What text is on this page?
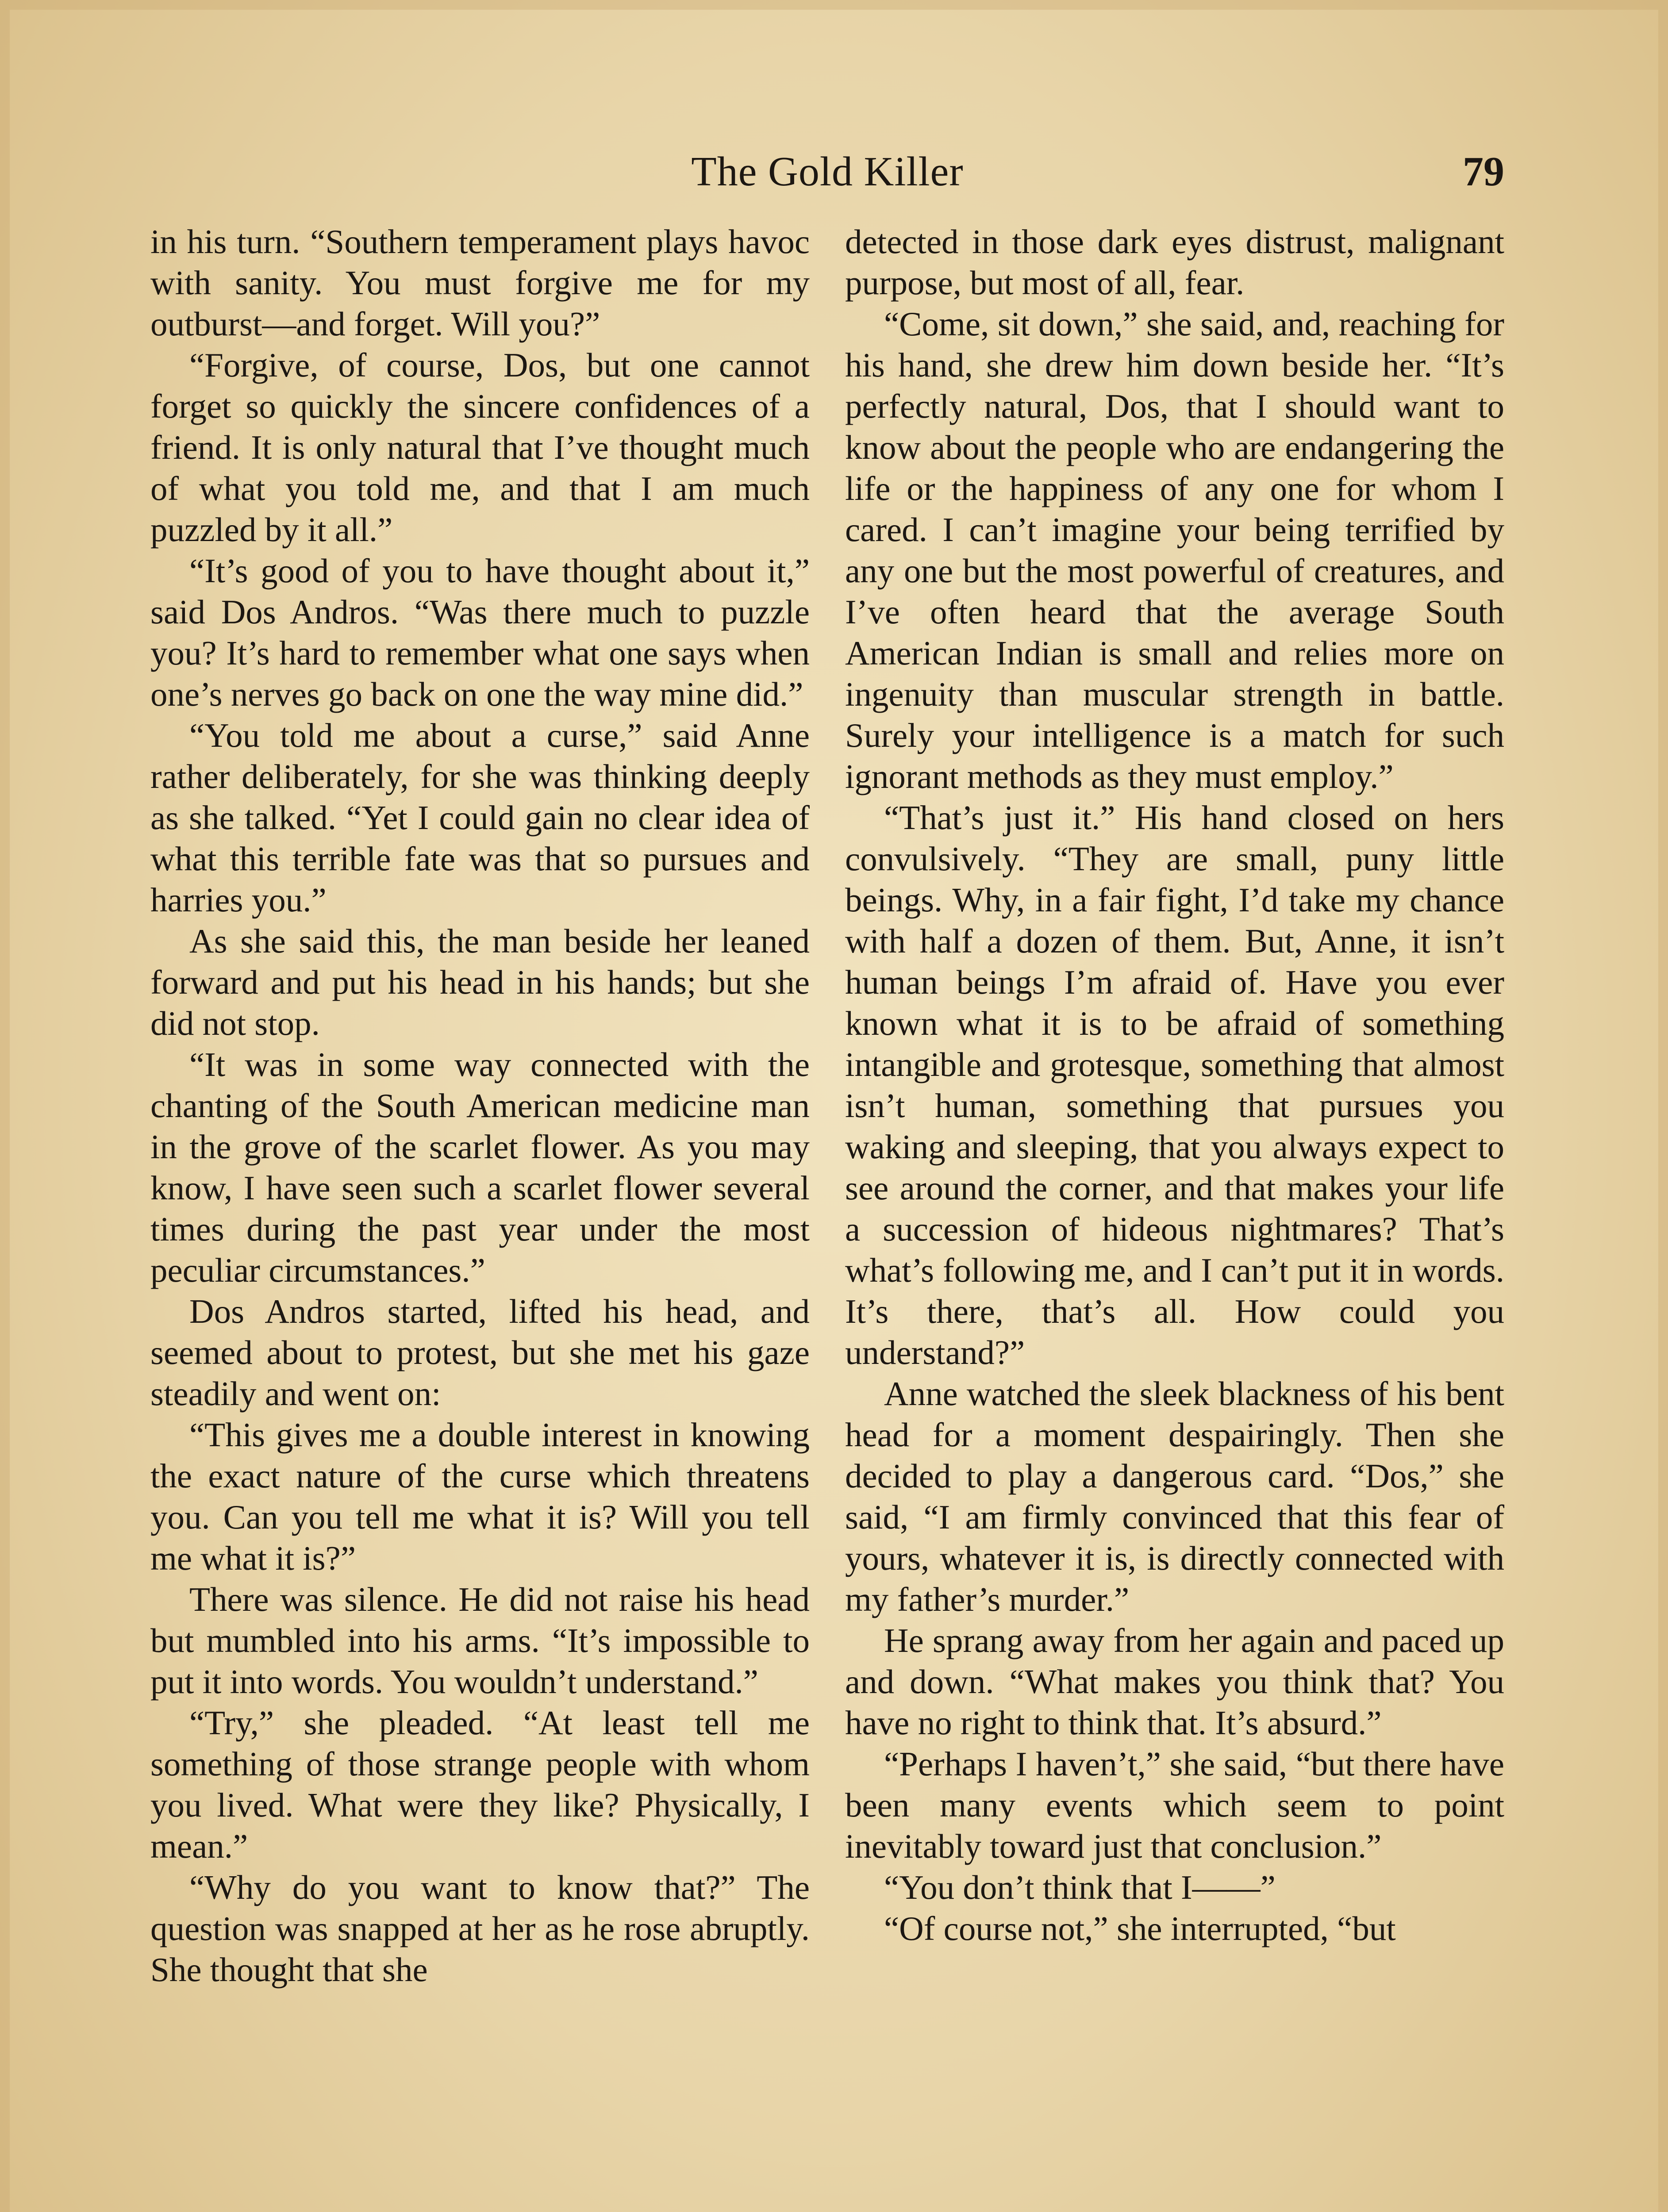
The Gold Killer	79

in his turn. “Southern temperament plays havoc with sanity. You must forgive me for my outburst—and forget. Will you?”

“Forgive, of course, Dos, but one cannot forget so quickly the sincere confidences of a friend. It is only natural that I’ve thought much of what you told me, and that I am much puzzled by it all.”

“It’s good of you to have thought about it,” said Dos Andros. “Was there much to puzzle you? It’s hard to remember what one says when one’s nerves go back on one the way mine did.”

“You told me about a curse,” said Anne rather deliberately, for she was thinking deeply as she talked. “Yet I could gain no clear idea of what this terrible fate was that so pursues and harries you.”

As she said this, the man beside her leaned forward and put his head in his hands; but she did not stop.

“It was in some way connected with the chanting of the South American medicine man in the grove of the scarlet flower. As you may know, I have seen such a scarlet flower several times during the past year under the most peculiar circumstances.”

Dos Andros started, lifted his head, and seemed about to protest, but she met his gaze steadily and went on:

“This gives me a double interest in knowing the exact nature of the curse which threatens you. Can you tell me what it is? Will you tell me what it is?”

There was silence. He did not raise his head but mumbled into his arms. “It’s impossible to put it into words. You wouldn’t understand.”

“Try,” she pleaded. “At least tell me something of those strange people with whom you lived. What were they like? Physically, I mean.”

“Why do you want to know that?” The question was snapped at her as he rose abruptly. She thought that she

detected in those dark eyes distrust, malignant purpose, but most of all, fear.

“Come, sit down,” she said, and, reaching for his hand, she drew him down beside her. “It’s perfectly natural, Dos, that I should want to know about the people who are endangering the life or the happiness of any one for whom I cared. I can’t imagine your being terrified by any one but the most powerful of creatures, and I’ve often heard that the average South American Indian is small and relies more on ingenuity than muscular strength in battle. Surely your intelligence is a match for such ignorant methods as they must employ.”

“That’s just it.” His hand closed on hers convulsively. “They are small, puny little beings. Why, in a fair fight, I’d take my chance with half a dozen of them. But, Anne, it isn’t human beings I’m afraid of. Have you ever known what it is to be afraid of something intangible and grotesque, something that almost isn’t human, something that pursues you waking and sleeping, that you always expect to see around the corner, and that makes your life a succession of hideous nightmares? That’s what’s following me, and I can’t put it in words. It’s there, that’s all. How could you understand?”

Anne watched the sleek blackness of his bent head for a moment despairingly. Then she decided to play a dangerous card. “Dos,” she said, “I am firmly convinced that this fear of yours, whatever it is, is directly connected with my father’s murder.”

He sprang away from her again and paced up and down. “What makes you think that? You have no right to think that. It’s absurd.”

“Perhaps I haven’t,” she said, “but there have been many events which seem to point inevitably toward just that conclusion.”

“You don’t think that I——”

“Of course not,” she interrupted, “but
